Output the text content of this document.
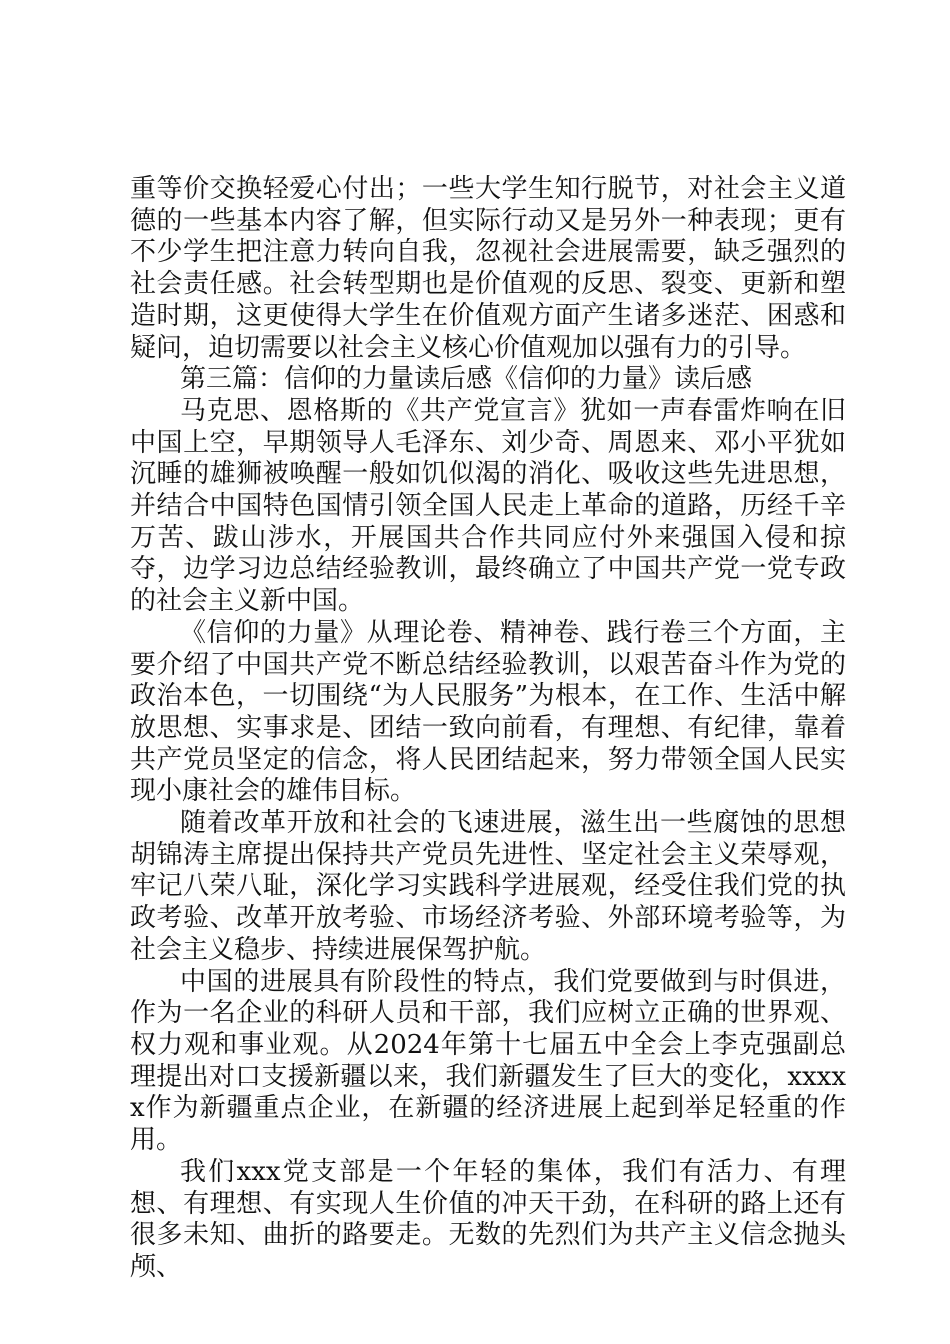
重等价交换轻爱心付出；一些大学生知行脱节，对社会主义道德的一些基本内容了解，但实际行动又是另外一种表现；更有不少学生把注意力转向自我，忽视社会进展需要，缺乏强烈的社会责任感。社会转型期也是价值观的反思、裂变、更新和塑造时期，这更使得大学生在价值观方面产生诸多迷茫、困惑和疑问，迫切需要以社会主义核心价值观加以强有力的引导。

第三篇：信仰的力量读后感《信仰的力量》读后感

马克思、恩格斯的《共产党宣言》犹如一声春雷炸响在旧中国上空，早期领导人毛泽东、刘少奇、周恩来、邓小平犹如沉睡的雄狮被唤醒一般如饥似渴的消化、吸收这些先进思想，并结合中国特色国情引领全国人民走上革命的道路，历经千辛万苦、跋山涉水，开展国共合作共同应付外来强国入侵和掠夺，边学习边总结经验教训，最终确立了中国共产党一党专政的社会主义新中国。

《信仰的力量》从理论卷、精神卷、践行卷三个方面，主要介绍了中国共产党不断总结经验教训，以艰苦奋斗作为党的政治本色，一切围绕“为人民服务”为根本，在工作、生活中解放思想、实事求是、团结一致向前看，有理想、有纪律，靠着共产党员坚定的信念，将人民团结起来，努力带领全国人民实现小康社会的雄伟目标。

随着改革开放和社会的飞速进展，滋生出一些腐蚀的思想胡锦涛主席提出保持共产党员先进性、坚定社会主义荣辱观，牢记八荣八耻，深化学习实践科学进展观，经受住我们党的执政考验、改革开放考验、市场经济考验、外部环境考验等，为社会主义稳步、持续进展保驾护航。

中国的进展具有阶段性的特点，我们党要做到与时俱进，作为一名企业的科研人员和干部，我们应树立正确的世界观、权力观和事业观。从2024年第十七届五中全会上李克强副总理提出对口支援新疆以来，我们新疆发生了巨大的变化，xxxxx作为新疆重点企业，在新疆的经济进展上起到举足轻重的作用。

我们xxx党支部是一个年轻的集体，我们有活力、有理想、有理想、有实现人生价值的冲天干劲，在科研的路上还有很多未知、曲折的路要走。无数的先烈们为共产主义信念抛头颅、
